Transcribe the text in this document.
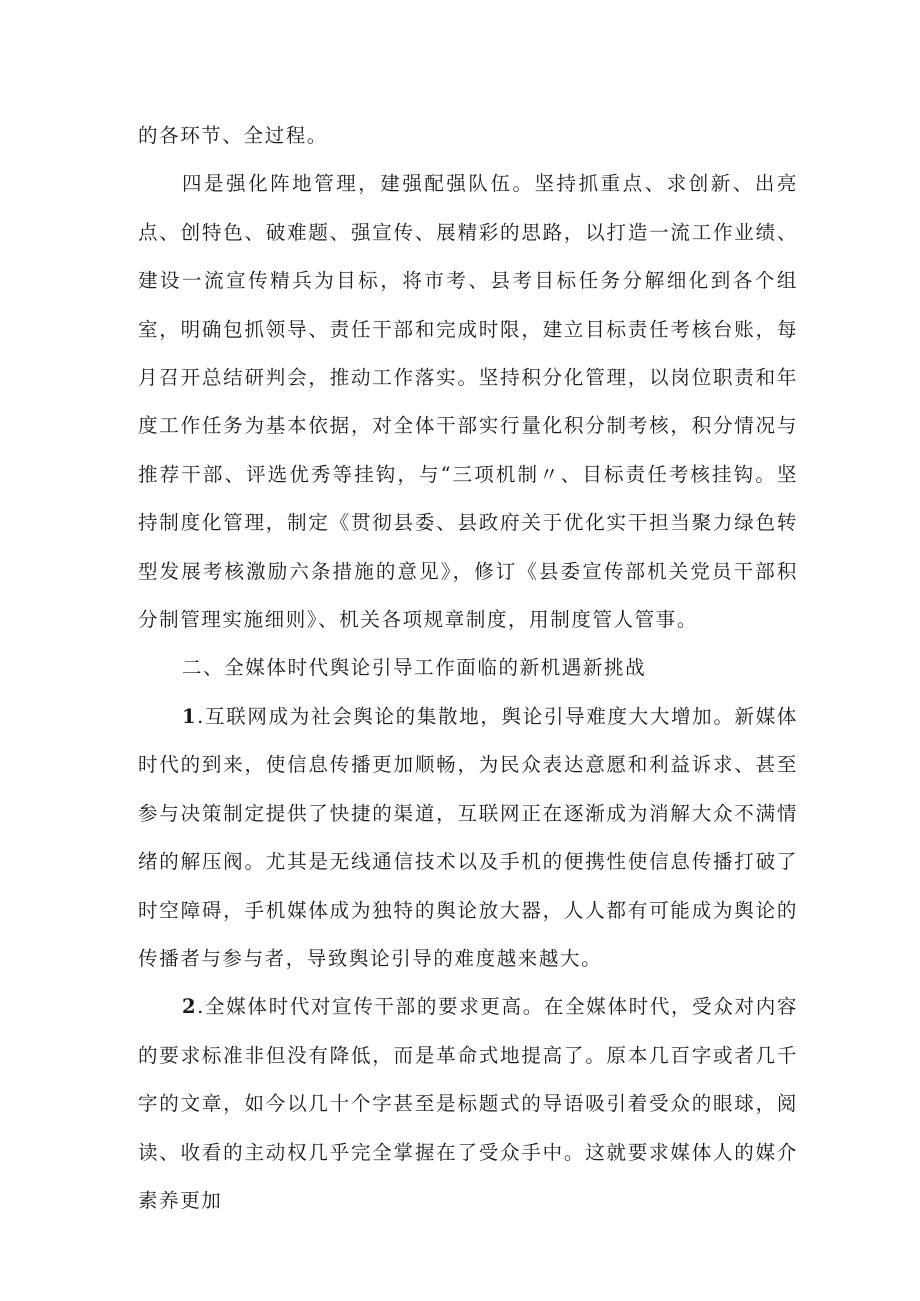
的各环节、全过程。

四是强化阵地管理，建强配强队伍。坚持抓重点、求创新、出亮点、创特色、破难题、强宣传、展精彩的思路，以打造一流工作业绩、建设一流宣传精兵为目标，将市考、县考目标任务分解细化到各个组室，明确包抓领导、责任干部和完成时限，建立目标责任考核台账，每月召开总结研判会，推动工作落实。坚持积分化管理，以岗位职责和年度工作任务为基本依据，对全体干部实行量化积分制考核，积分情况与推荐干部、评选优秀等挂钩，与“三项机制〃、目标责任考核挂钩。坚持制度化管理，制定《贯彻县委、县政府关于优化实干担当聚力绿色转型发展考核激励六条措施的意见》，修订《县委宣传部机关党员干部积分制管理实施细则》、机关各项规章制度，用制度管人管事。

二、全媒体时代舆论引导工作面临的新机遇新挑战

1.互联网成为社会舆论的集散地，舆论引导难度大大增加。新媒体时代的到来，使信息传播更加顺畅，为民众表达意愿和利益诉求、甚至参与决策制定提供了快捷的渠道，互联网正在逐渐成为消解大众不满情绪的解压阀。尤其是无线通信技术以及手机的便携性使信息传播打破了时空障碍，手机媒体成为独特的舆论放大器，人人都有可能成为舆论的传播者与参与者，导致舆论引导的难度越来越大。

2.全媒体时代对宣传干部的要求更高。在全媒体时代，受众对内容的要求标准非但没有降低，而是革命式地提高了。原本几百字或者几千字的文章，如今以几十个字甚至是标题式的导语吸引着受众的眼球，阅读、收看的主动权几乎完全掌握在了受众手中。这就要求媒体人的媒介素养更加
